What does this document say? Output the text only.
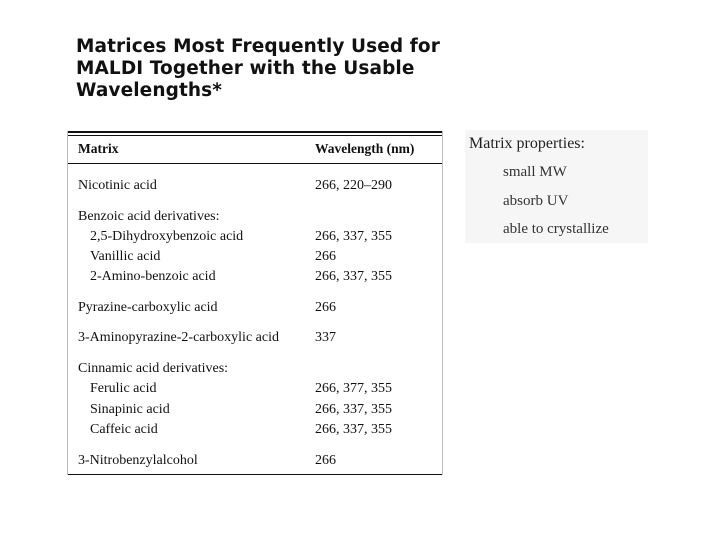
Matrices Most Frequently Used for
MALDI Together with the Usable
Wavelengths*
Matrix	Wavelength (nm)
Nicotinic acid	266, 220–290
Benzoic acid derivatives:
2,5-Dihydroxybenzoic acid	266, 337, 355
Vanillic acid	266
2-Amino-benzoic acid	266, 337, 355
Pyrazine-carboxylic acid	266
3-Aminopyrazine-2-carboxylic acid	337
Cinnamic acid derivatives:
Ferulic acid	266, 377, 355
Sinapinic acid	266, 337, 355
Caffeic acid	266, 337, 355
3-Nitrobenzylalcohol	266
Matrix properties:
small MW
absorb UV
able to crystallize
